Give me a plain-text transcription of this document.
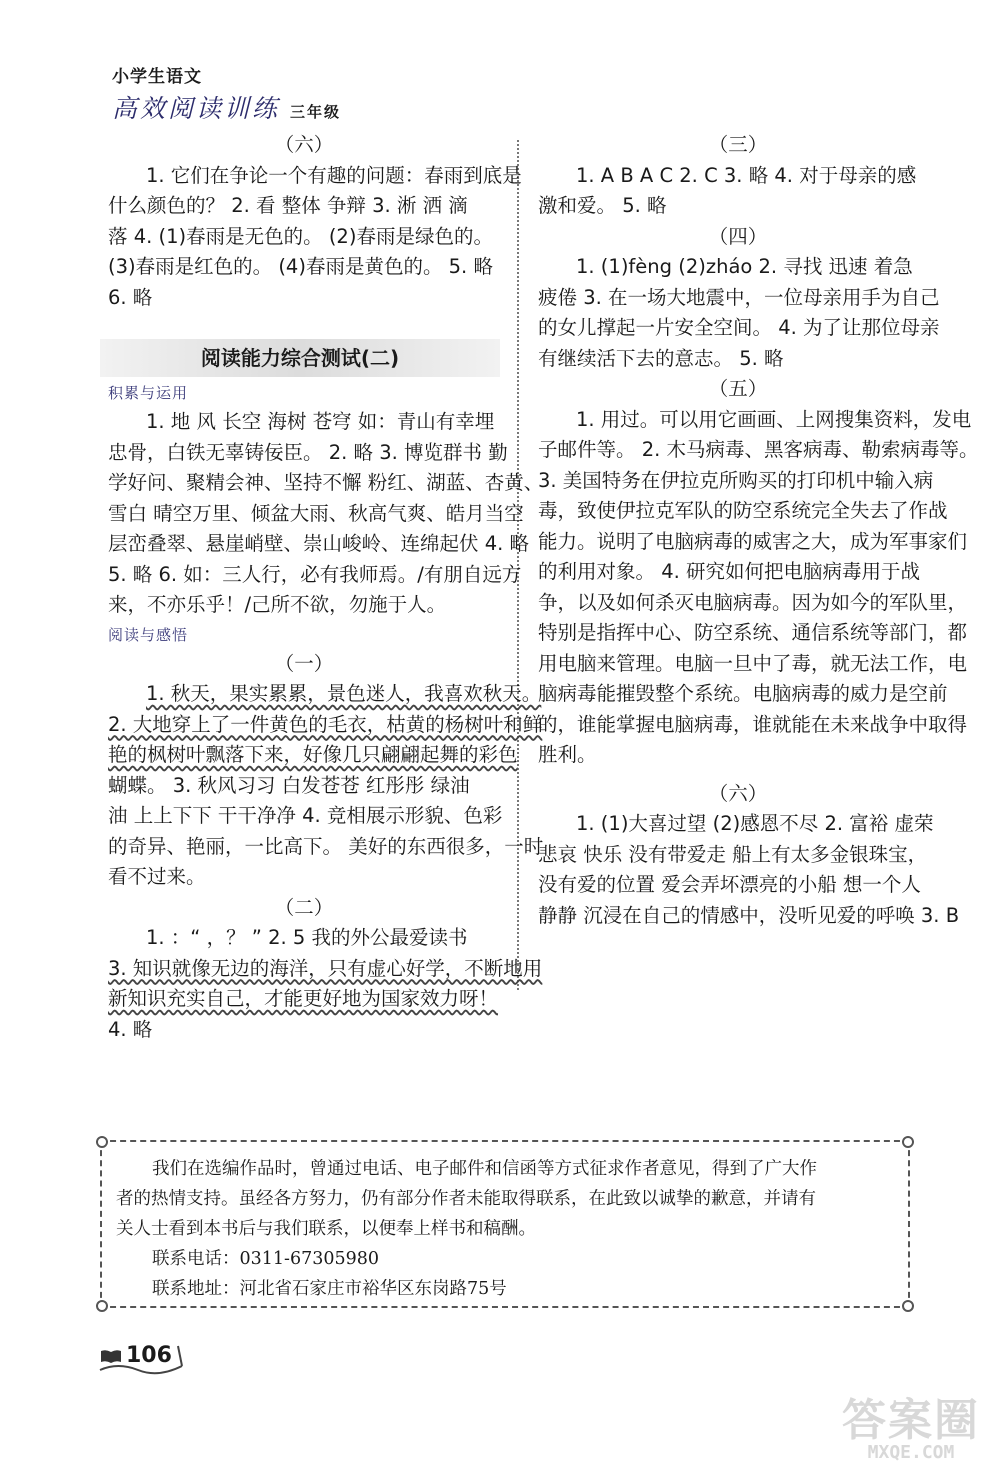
小学生语文
高效阅读训练 三年级
（六）
1. 它们在争论一个有趣的问题：春雨到底是
什么颜色的？ 2. 看 整体 争辩 3. 淅 洒 滴
落 4. (1)春雨是无色的。 (2)春雨是绿色的。
(3)春雨是红色的。 (4)春雨是黄色的。 5. 略
6. 略
阅读能力综合测试(二)
积累与运用
1. 地 风 长空 海树 苍穹 如：青山有幸埋
忠骨，白铁无辜铸佞臣。 2. 略 3. 博览群书 勤
学好问、聚精会神、坚持不懈 粉红、湖蓝、杏黄、
雪白 晴空万里、倾盆大雨、秋高气爽、皓月当空
层峦叠翠、悬崖峭壁、崇山峻岭、连绵起伏 4. 略
5. 略 6. 如：三人行，必有我师焉。/有朋自远方
来，不亦乐乎！/己所不欲，勿施于人。
阅读与感悟
（一）
1. 秋天，果实累累，景色迷人，我喜欢秋天。
2. 大地穿上了一件黄色的毛衣，枯黄的杨树叶和鲜
艳的枫树叶飘落下来，好像几只翩翩起舞的彩色
蝴蝶。 3. 秋风习习 白发苍苍 红彤彤 绿油
油 上上下下 干干净净 4. 竞相展示形貌、色彩
的奇异、艳丽，一比高下。 美好的东西很多，一时
看不过来。
（二）
1. ：“ ，？ ” 2. 5 我的外公最爱读书
3. 知识就像无边的海洋，只有虚心好学，不断地用
新知识充实自己，才能更好地为国家效力呀！
4. 略
（三）
1. A B A C 2. C 3. 略 4. 对于母亲的感
激和爱。 5. 略
（四）
1. (1)fèng (2)zháo 2. 寻找 迅速 着急
疲倦 3. 在一场大地震中，一位母亲用手为自己
的女儿撑起一片安全空间。 4. 为了让那位母亲
有继续活下去的意志。 5. 略
（五）
1. 用过。可以用它画画、上网搜集资料，发电
子邮件等。 2. 木马病毒、黑客病毒、勒索病毒等。
3. 美国特务在伊拉克所购买的打印机中输入病
毒，致使伊拉克军队的防空系统完全失去了作战
能力。说明了电脑病毒的威害之大，成为军事家们
的利用对象。 4. 研究如何把电脑病毒用于战
争，以及如何杀灭电脑病毒。因为如今的军队里，
特别是指挥中心、防空系统、通信系统等部门，都
用电脑来管理。电脑一旦中了毒，就无法工作，电
脑病毒能摧毁整个系统。电脑病毒的威力是空前
的，谁能掌握电脑病毒，谁就能在未来战争中取得
胜利。
（六）
1. (1)大喜过望 (2)感恩不尽 2. 富裕 虚荣
悲哀 快乐 没有带爱走 船上有太多金银珠宝，
没有爱的位置 爱会弄坏漂亮的小船 想一个人
静静 沉浸在自己的情感中，没听见爱的呼唤 3. B
我们在选编作品时，曾通过电话、电子邮件和信函等方式征求作者意见，得到了广大作
者的热情支持。虽经各方努力，仍有部分作者未能取得联系，在此致以诚挚的歉意，并请有
关人士看到本书后与我们联系，以便奉上样书和稿酬。
联系电话：0311-67305980
联系地址：河北省石家庄市裕华区东岗路75号
106
答案圈
MXQE.COM
